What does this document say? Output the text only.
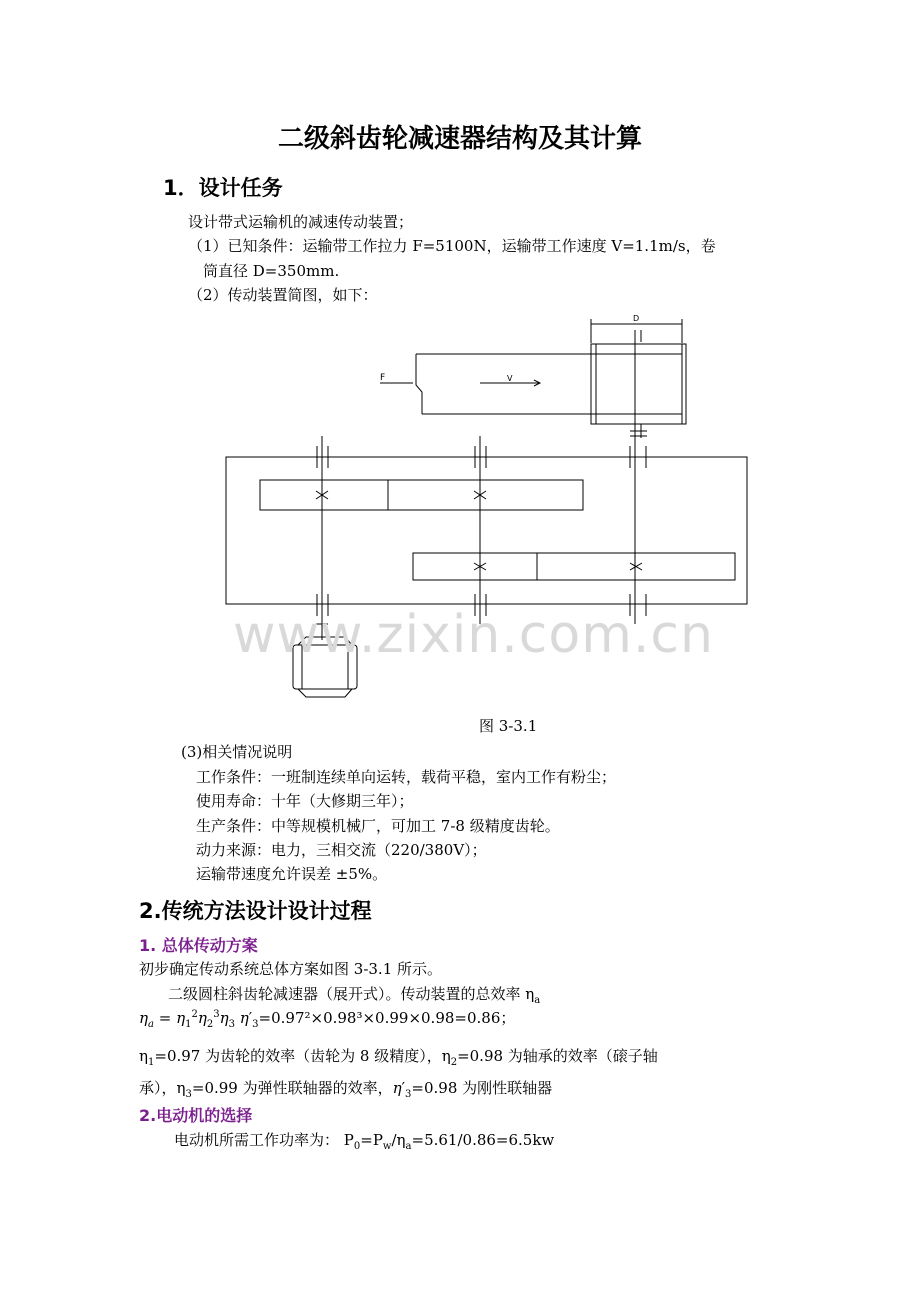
二级斜齿轮减速器结构及其计算
1．设计任务
设计带式运输机的减速传动装置；
（1）已知条件：运输带工作拉力 F=5100N，运输带工作速度 V=1.1m/s，卷
筒直径 D=350mm.
（2）传动装置简图，如下：
D
F	V
www.zixin.com.cn
图 3-3.1
(3)相关情况说明
工作条件：一班制连续单向运转，载荷平稳，室内工作有粉尘；
使用寿命：十年（大修期三年）；
生产条件：中等规模机械厂，可加工 7-8 级精度齿轮。
动力来源：电力，三相交流（220/380V）；
运输带速度允许误差 ±5%。
2.传统方法设计设计过程
1. 总体传动方案
初步确定传动系统总体方案如图 3-3.1 所示。
二级圆柱斜齿轮减速器（展开式）。传动装置的总效率 $\eta_a$
$\eta_a = \eta_1^2\eta_2^3\eta_3$ $\eta'_3=0.97^2\times 0.98^3\times 0.99\times 0.98=0.86$；
$\eta_1=0.97$ 为齿轮的效率（齿轮为 8 级精度），$\eta_2=0.98$ 为轴承的效率（磙子轴
承），$\eta_3=0.99$ 为弹性联轴器的效率，$\eta'_3=0.98$ 为刚性联轴器
2.电动机的选择
电动机所需工作功率为： $P_0=P_w/\eta_a=5.61/0.86=6.5kw$
